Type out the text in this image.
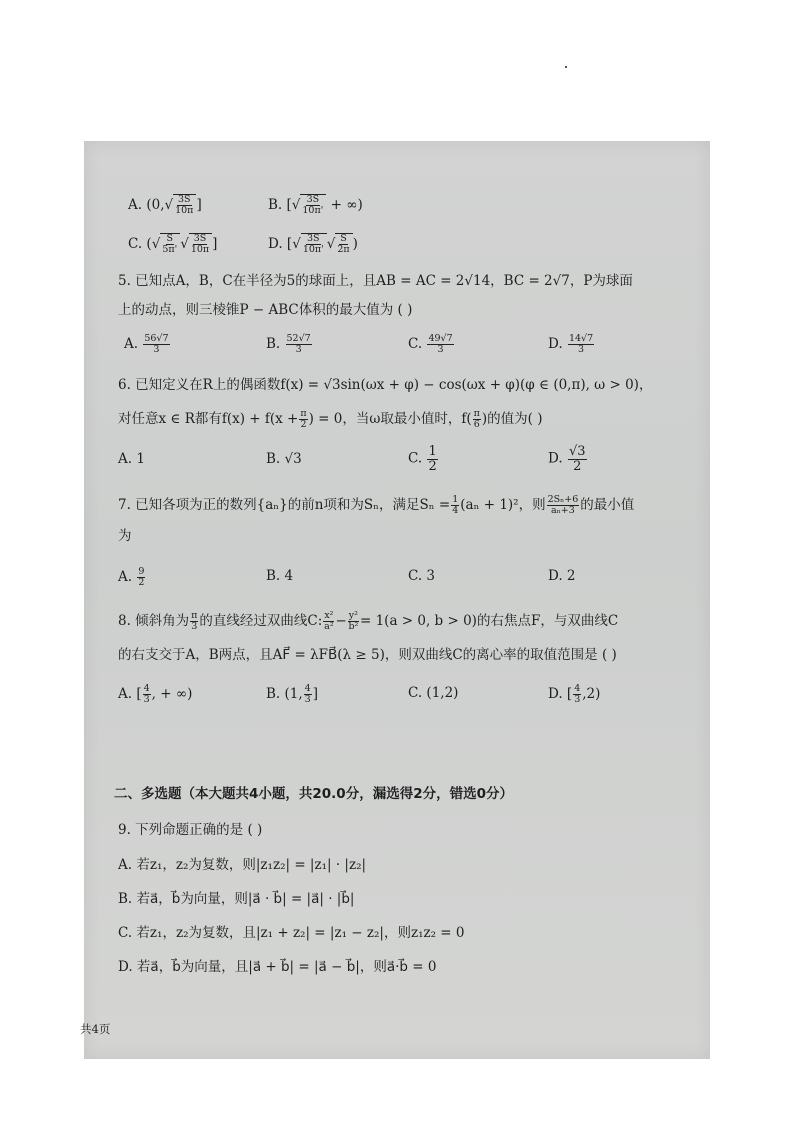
A. ($0,√ \frac{3S}{10\pi}$ ]	B. [√ $\frac{3S}{10\pi'}$ + ∞)
C. (√ $\frac{S}{5\pi'}$
√ $\frac{3S}{10\pi}$ ]	D. [√ $\frac{3S}{10\pi'}$
√ $\frac{S}{2\pi}$ )
5. 已知点A，B，C在半径为5的球面上，且AB = AC = 2√14，BC = 2√7，P为球面
上的动点，则三棱锥P − ABC体积的最大值为 ( )
A. $\frac{56√7}{3}$	B. $\frac{52√7}{3}$	C. $\frac{49√7}{3}$	D. $\frac{14√7}{3}$
6. 已知定义在R上的偶函数f(x) = √3sin(ωx + φ) − cos(ωx + φ)(φ ∈ (0,π), ω > 0)，
对任意x ∈ R都有$f(x) + f(x + \frac{\pi}{2}$ ) = 0，当ω取最小值时，$f( \frac{\pi}{6}$ )的值为( )
A. 1	B. √3	C. $\frac{1}{2}$	D. $\frac{√3}{2}$
7. 已知各项为正的数列{aₙ}的前n项和为Sₙ，满足$S_n = \frac{1}{4} (a_n + 1)^2$，则 $\frac{\text{2Sₙ+6}}{\text{aₙ+3}}$ 的最小值
为
A. $\frac{9}{2}$	B. 4	C. 3	D. 2
8. 倾斜角为 $\frac{\pi}{3}$ 的直线经过双曲线C: $\frac{\text{x²}}{\text{a²}} - \frac{\text{y²}}{\text{b²}} = 1(a > 0$, b > 0)的右焦点F，与双曲线C
的右支交于A，B两点，且AF⃗ = λFB⃗(λ ≥ 5)，则双曲线C的离心率的取值范围是 ( )
A. [ $\frac{4}{3}$ , + ∞)	B. (1, $\frac{4}{3}$ ]	C. (1,2)	D. [ $\frac{4}{3} ,2$)
二、多选题（本大题共4小题，共20.0分，漏选得2分，错选0分）
9. 下列命题正确的是 ( )
A. 若z₁，z₂为复数，则|z₁z₂| = |z₁| · |z₂|
B. 若a⃗，b⃗为向量，则|a⃗ · b⃗| = |a⃗| · |b⃗|
C. 若z₁，z₂为复数，且|z₁ + z₂| = |z₁ − z₂|，则z₁z₂ = 0
D. 若a⃗，b⃗为向量，且|a⃗ + b⃗| = |a⃗ − b⃗|，则a⃗·b⃗ = 0
共4页
